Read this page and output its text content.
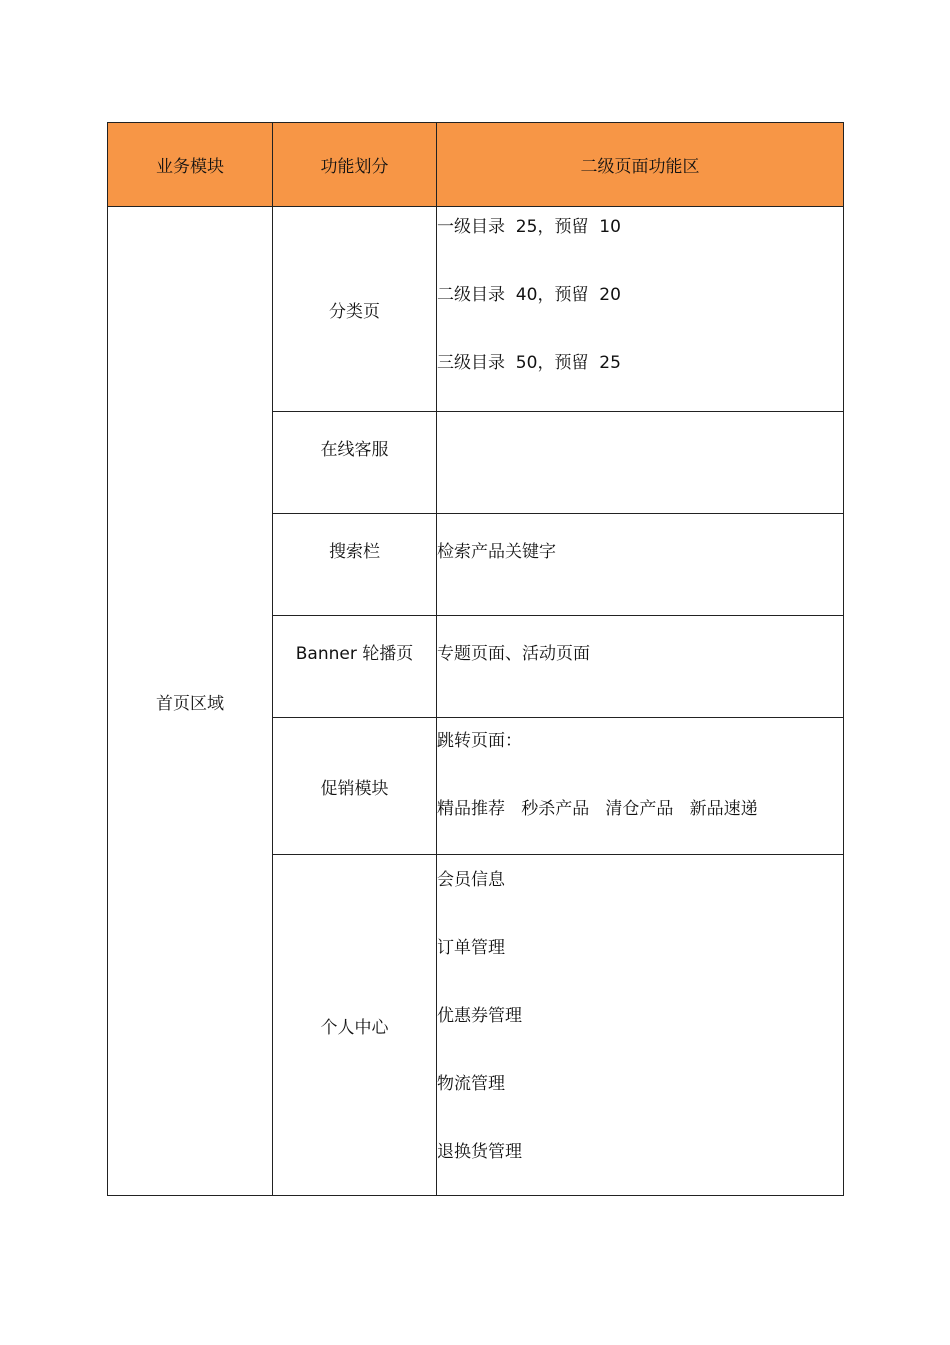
业务模块	功能划分	二级页面功能区
首页区域	分类页	一级目录  25，预留  10
二级目录  40，预留  20
三级目录  50，预留  25

	在线客服	

	搜索栏	检索产品关键字

	Banner 轮播页	专题页面、活动页面

	促销模块	跳转页面：
精品推荐   秒杀产品   清仓产品   新品速递

	个人中心	会员信息
订单管理
优惠券管理
物流管理
退换货管理
